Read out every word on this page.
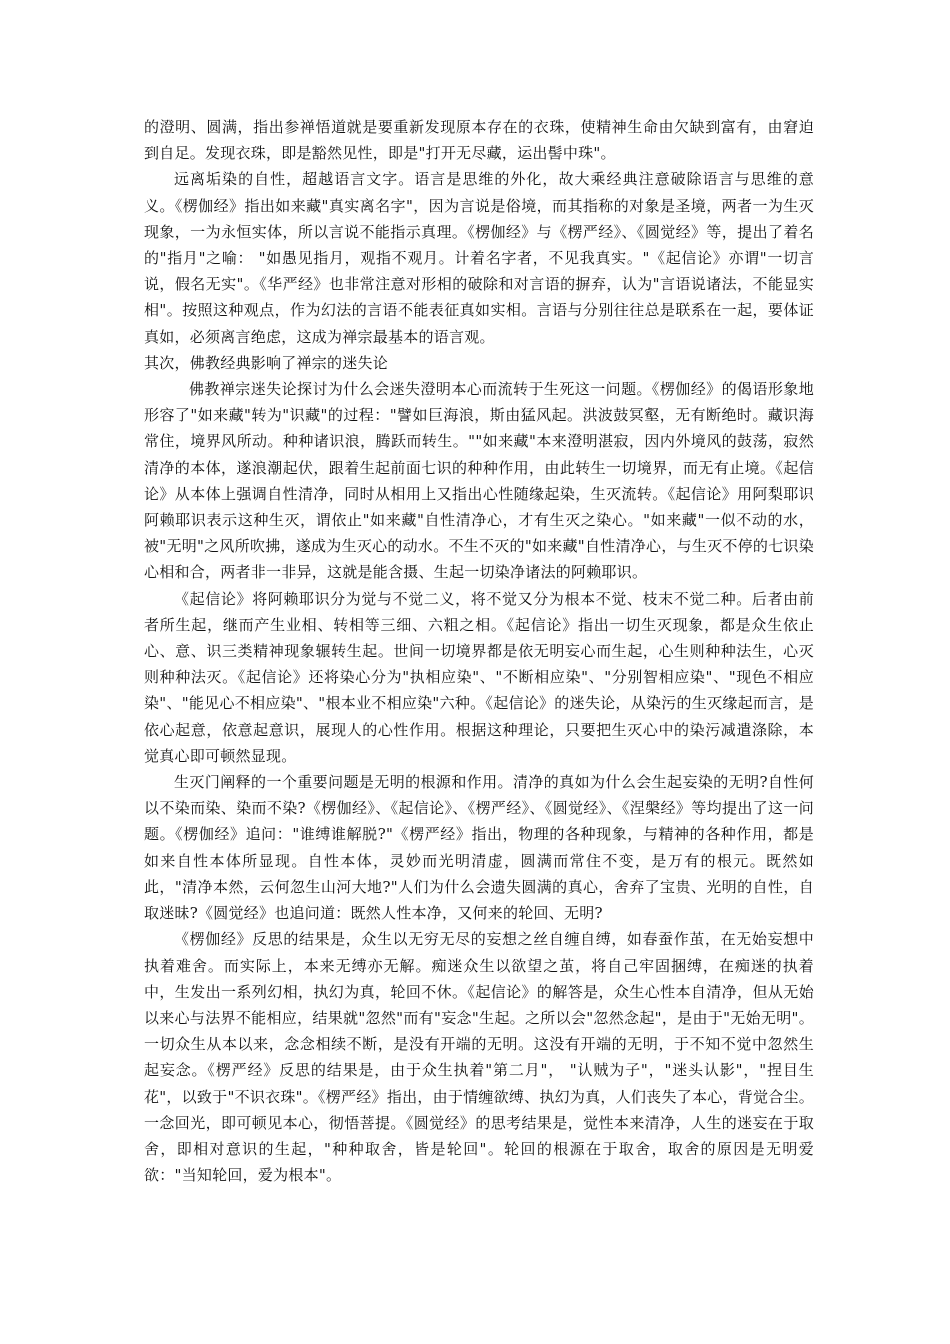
的澄明、圆满，指出参禅悟道就是要重新发现原本存在的衣珠，使精神生命由欠缺到富有，由窘迫到自足。发现衣珠，即是豁然见性，即是"打开无尽藏，运出髻中珠"。

远离垢染的自性，超越语言文字。语言是思维的外化，故大乘经典注意破除语言与思维的意义。《楞伽经》指出如来藏"真实离名字"，因为言说是俗境，而其指称的对象是圣境，两者一为生灭现象，一为永恒实体，所以言说不能指示真理。《楞伽经》与《楞严经》、《圆觉经》等，提出了着名的"指月"之喻： "如愚见指月，观指不观月。计着名字者，不见我真实。"《起信论》亦谓"一切言说，假名无实"。《华严经》也非常注意对形相的破除和对言语的摒弃，认为"言语说诸法，不能显实相"。按照这种观点，作为幻法的言语不能表征真如实相。言语与分别往往总是联系在一起，要体证真如，必须离言绝虑，这成为禅宗最基本的语言观。

其次，佛教经典影响了禅宗的迷失论

佛教禅宗迷失论探讨为什么会迷失澄明本心而流转于生死这一问题。《楞伽经》的偈语形象地形容了"如来藏"转为"识藏"的过程："譬如巨海浪，斯由猛风起。洪波鼓冥壑，无有断绝时。藏识海常住，境界风所动。种种诸识浪，腾跃而转生。""如来藏"本来澄明湛寂，因内外境风的鼓荡，寂然清净的本体，遂浪潮起伏，跟着生起前面七识的种种作用，由此转生一切境界，而无有止境。《起信论》从本体上强调自性清净，同时从相用上又指出心性随缘起染，生灭流转。《起信论》用阿梨耶识阿赖耶识表示这种生灭，谓依止"如来藏"自性清净心，才有生灭之染心。"如来藏"一似不动的水，被"无明"之风所吹拂，遂成为生灭心的动水。不生不灭的"如来藏"自性清净心，与生灭不停的七识染心相和合，两者非一非异，这就是能含摄、生起一切染净诸法的阿赖耶识。

《起信论》将阿赖耶识分为觉与不觉二义，将不觉又分为根本不觉、枝末不觉二种。后者由前者所生起，继而产生业相、转相等三细、六粗之相。《起信论》指出一切生灭现象，都是众生依止心、意、识三类精神现象辗转生起。世间一切境界都是依无明妄心而生起，心生则种种法生，心灭则种种法灭。《起信论》还将染心分为"执相应染"、"不断相应染"、"分别智相应染"、"现色不相应染"、"能见心不相应染"、"根本业不相应染"六种。《起信论》的迷失论，从染污的生灭缘起而言，是依心起意，依意起意识，展现人的心性作用。根据这种理论，只要把生灭心中的染污减遣涤除，本觉真心即可顿然显现。

生灭门阐释的一个重要问题是无明的根源和作用。清净的真如为什么会生起妄染的无明?自性何以不染而染、染而不染?《楞伽经》、《起信论》、《楞严经》、《圆觉经》、《涅槃经》等均提出了这一问题。《楞伽经》追问："谁缚谁解脱?"《楞严经》指出，物理的各种现象，与精神的各种作用，都是如来自性本体所显现。自性本体，灵妙而光明清虚，圆满而常住不变，是万有的根元。既然如此，"清净本然，云何忽生山河大地?"人们为什么会遗失圆满的真心，舍弃了宝贵、光明的自性，自取迷昧?《圆觉经》也追问道：既然人性本净，又何来的轮回、无明?

《楞伽经》反思的结果是，众生以无穷无尽的妄想之丝自缠自缚，如春蚕作茧，在无始妄想中执着难舍。而实际上，本来无缚亦无解。痴迷众生以欲望之茧，将自己牢固捆缚，在痴迷的执着中，生发出一系列幻相，执幻为真，轮回不休。《起信论》的解答是，众生心性本自清净，但从无始以来心与法界不能相应，结果就"忽然"而有"妄念"生起。之所以会"忽然念起"，是由于"无始无明"。一切众生从本以来，念念相续不断，是没有开端的无明。这没有开端的无明，于不知不觉中忽然生起妄念。《楞严经》反思的结果是，由于众生执着"第二月"， "认贼为子"，"迷头认影"，"捏目生花"，以致于"不识衣珠"。《楞严经》指出，由于情缠欲缚、执幻为真，人们丧失了本心，背觉合尘。一念回光，即可顿见本心，彻悟菩提。《圆觉经》的思考结果是，觉性本来清净，人生的迷妄在于取舍，即相对意识的生起，"种种取舍，皆是轮回"。轮回的根源在于取舍，取舍的原因是无明爱欲："当知轮回，爱为根本"。
